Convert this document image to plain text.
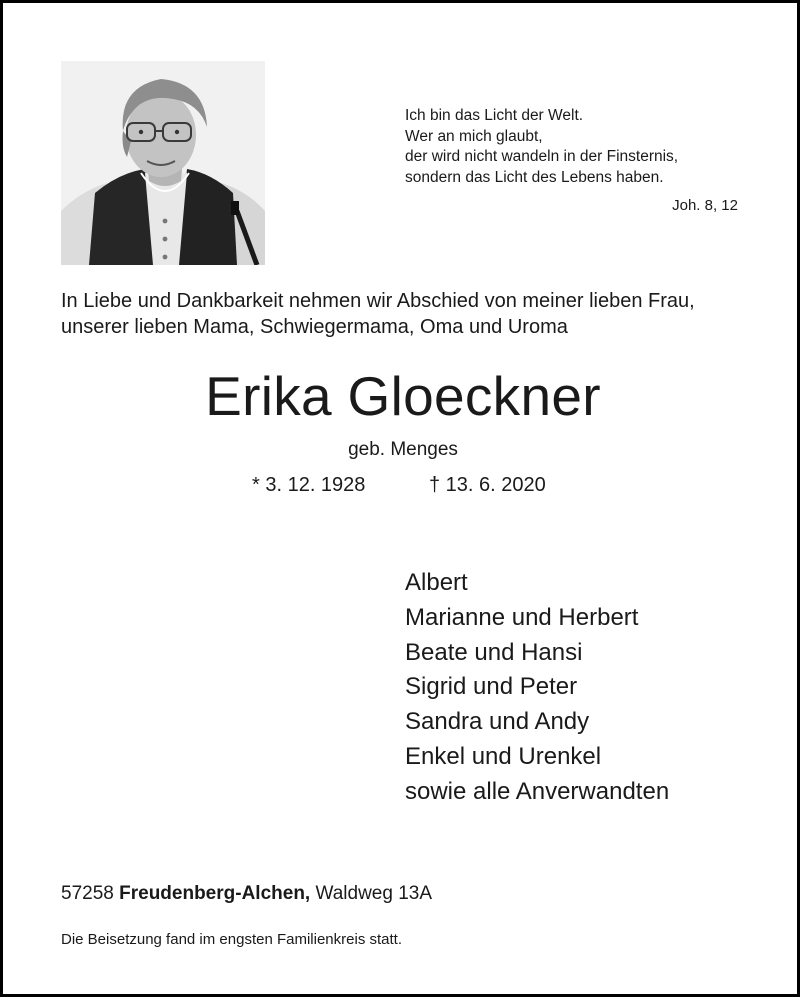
Ich bin das Licht der Welt.
Wer an mich glaubt,
der wird nicht wandeln in der Finsternis,
sondern das Licht des Lebens haben.
Joh. 8, 12
In Liebe und Dankbarkeit nehmen wir Abschied von meiner lieben Frau,
unserer lieben Mama, Schwiegermama, Oma und Uroma
Erika Gloeckner
geb. Menges
* 3. 12. 1928	† 13. 6. 2020
Albert
Marianne und Herbert
Beate und Hansi
Sigrid und Peter
Sandra und Andy
Enkel und Urenkel
sowie alle Anverwandten
57258 Freudenberg-Alchen, Waldweg 13A
Die Beisetzung fand im engsten Familienkreis statt.
